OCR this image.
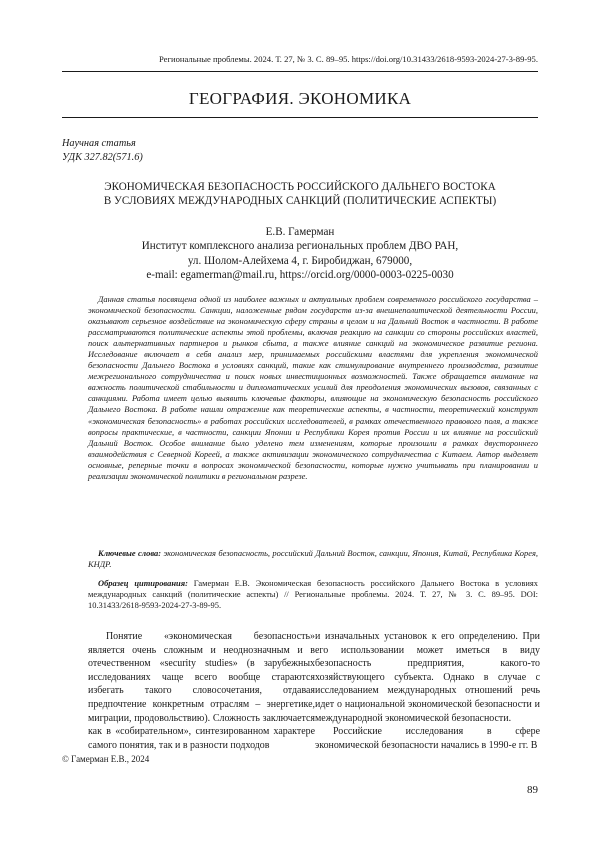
Региональные проблемы. 2024. Т. 27, № 3. С. 89–95. https://doi.org/10.31433/2618-9593-2024-27-3-89-95.
ГЕОГРАФИЯ. ЭКОНОМИКА
Научная статья
УДК 327.82(571.6)
ЭКОНОМИЧЕСКАЯ БЕЗОПАСНОСТЬ РОССИЙСКОГО ДАЛЬНЕГО ВОСТОКА
В УСЛОВИЯХ МЕЖДУНАРОДНЫХ САНКЦИЙ (ПОЛИТИЧЕСКИЕ АСПЕКТЫ)
Е.В. Гамерман
Институт комплексного анализа региональных проблем ДВО РАН,
ул. Шолом-Алейхема 4, г. Биробиджан, 679000,
e-mail: egamerman@mail.ru, https://orcid.org/0000-0003-0225-0030

Данная статья посвящена одной из наиболее важных и актуальных проблем современного российского государства – экономической безопасности. Санкции, наложенные рядом государств из-за внешнеполитической деятельности России, оказывают серьезное воздействие на экономическую сферу страны в целом и на Дальний Восток в частности. В работе рассматриваются политические аспекты этой проблемы, включая реакцию на санкции со стороны российских властей, поиск альтернативных партнеров и рынков сбыта, а также влияние санкций на экономическое развитие региона. Исследование включает в себя анализ мер, принимаемых российскими властями для укрепления экономической безопасности Дальнего Востока в условиях санкций, такие как стимулирование внутреннего производства, развитие межрегионального сотрудничества и поиск новых инвестиционных возможностей. Также обращается внимание на важность политической стабильности и дипломатических усилий для преодоления экономических вызовов, связанных с санкциями. Работа имеет целью выявить ключевые факторы, влияющие на экономическую безопасность российского Дальнего Востока. В работе нашли отражение как теоретические аспекты, в частности, теоретический конструкт «экономическая безопасность» в работах российских исследователей, в рамках отечественного правового поля, а также вопросы практические, в частности, санкции Японии и Республики Корея против России и их влияние на российский Дальний Восток. Особое внимание было уделено тем изменениям, которые произошли в рамках двустороннего взаимодействия с Северной Кореей, а также активизации экономического сотрудничества с Китаем. Автор выделяет основные, реперные точки в вопросах экономической безопасности, которые нужно учитывать при планировании и реализации экономической политики в региональном разрезе.

Ключевые слова: экономическая безопасность, российский Дальний Восток, санкции, Япония, Китай, Республика Корея, КНДР.

Образец цитирования: Гамерман Е.В. Экономическая безопасность российского Дальнего Востока в условиях международных санкций (политические аспекты) // Региональные проблемы. 2024. Т. 27, № 3. С. 89–95. DOI: 10.31433/2618-9593-2024-27-3-89-95.

Понятие «экономическая безопасность» является очень сложным и неоднозначным и в отечественном «security studies» (в зарубежных исследованиях чаще всего вообще стараются избегать такого словосочетания, отдавая предпочтение конкретным отраслям – энергетике, миграции, продовольствию). Сложность заключается как в «собирательном», синтезированном характере самого понятия, так и в разности подходов

и изначальных установок к его определению. При его использовании может иметься в виду безопасность предприятия, какого-то хозяйствующего субъекта. Однако в случае с исследованием международных отношений речь идет о национальной экономической безопасности и международной экономической безопасности.

Российские исследования в сфере экономической безопасности начались в 1990-е гг. В

© Гамерман Е.В., 2024
89
